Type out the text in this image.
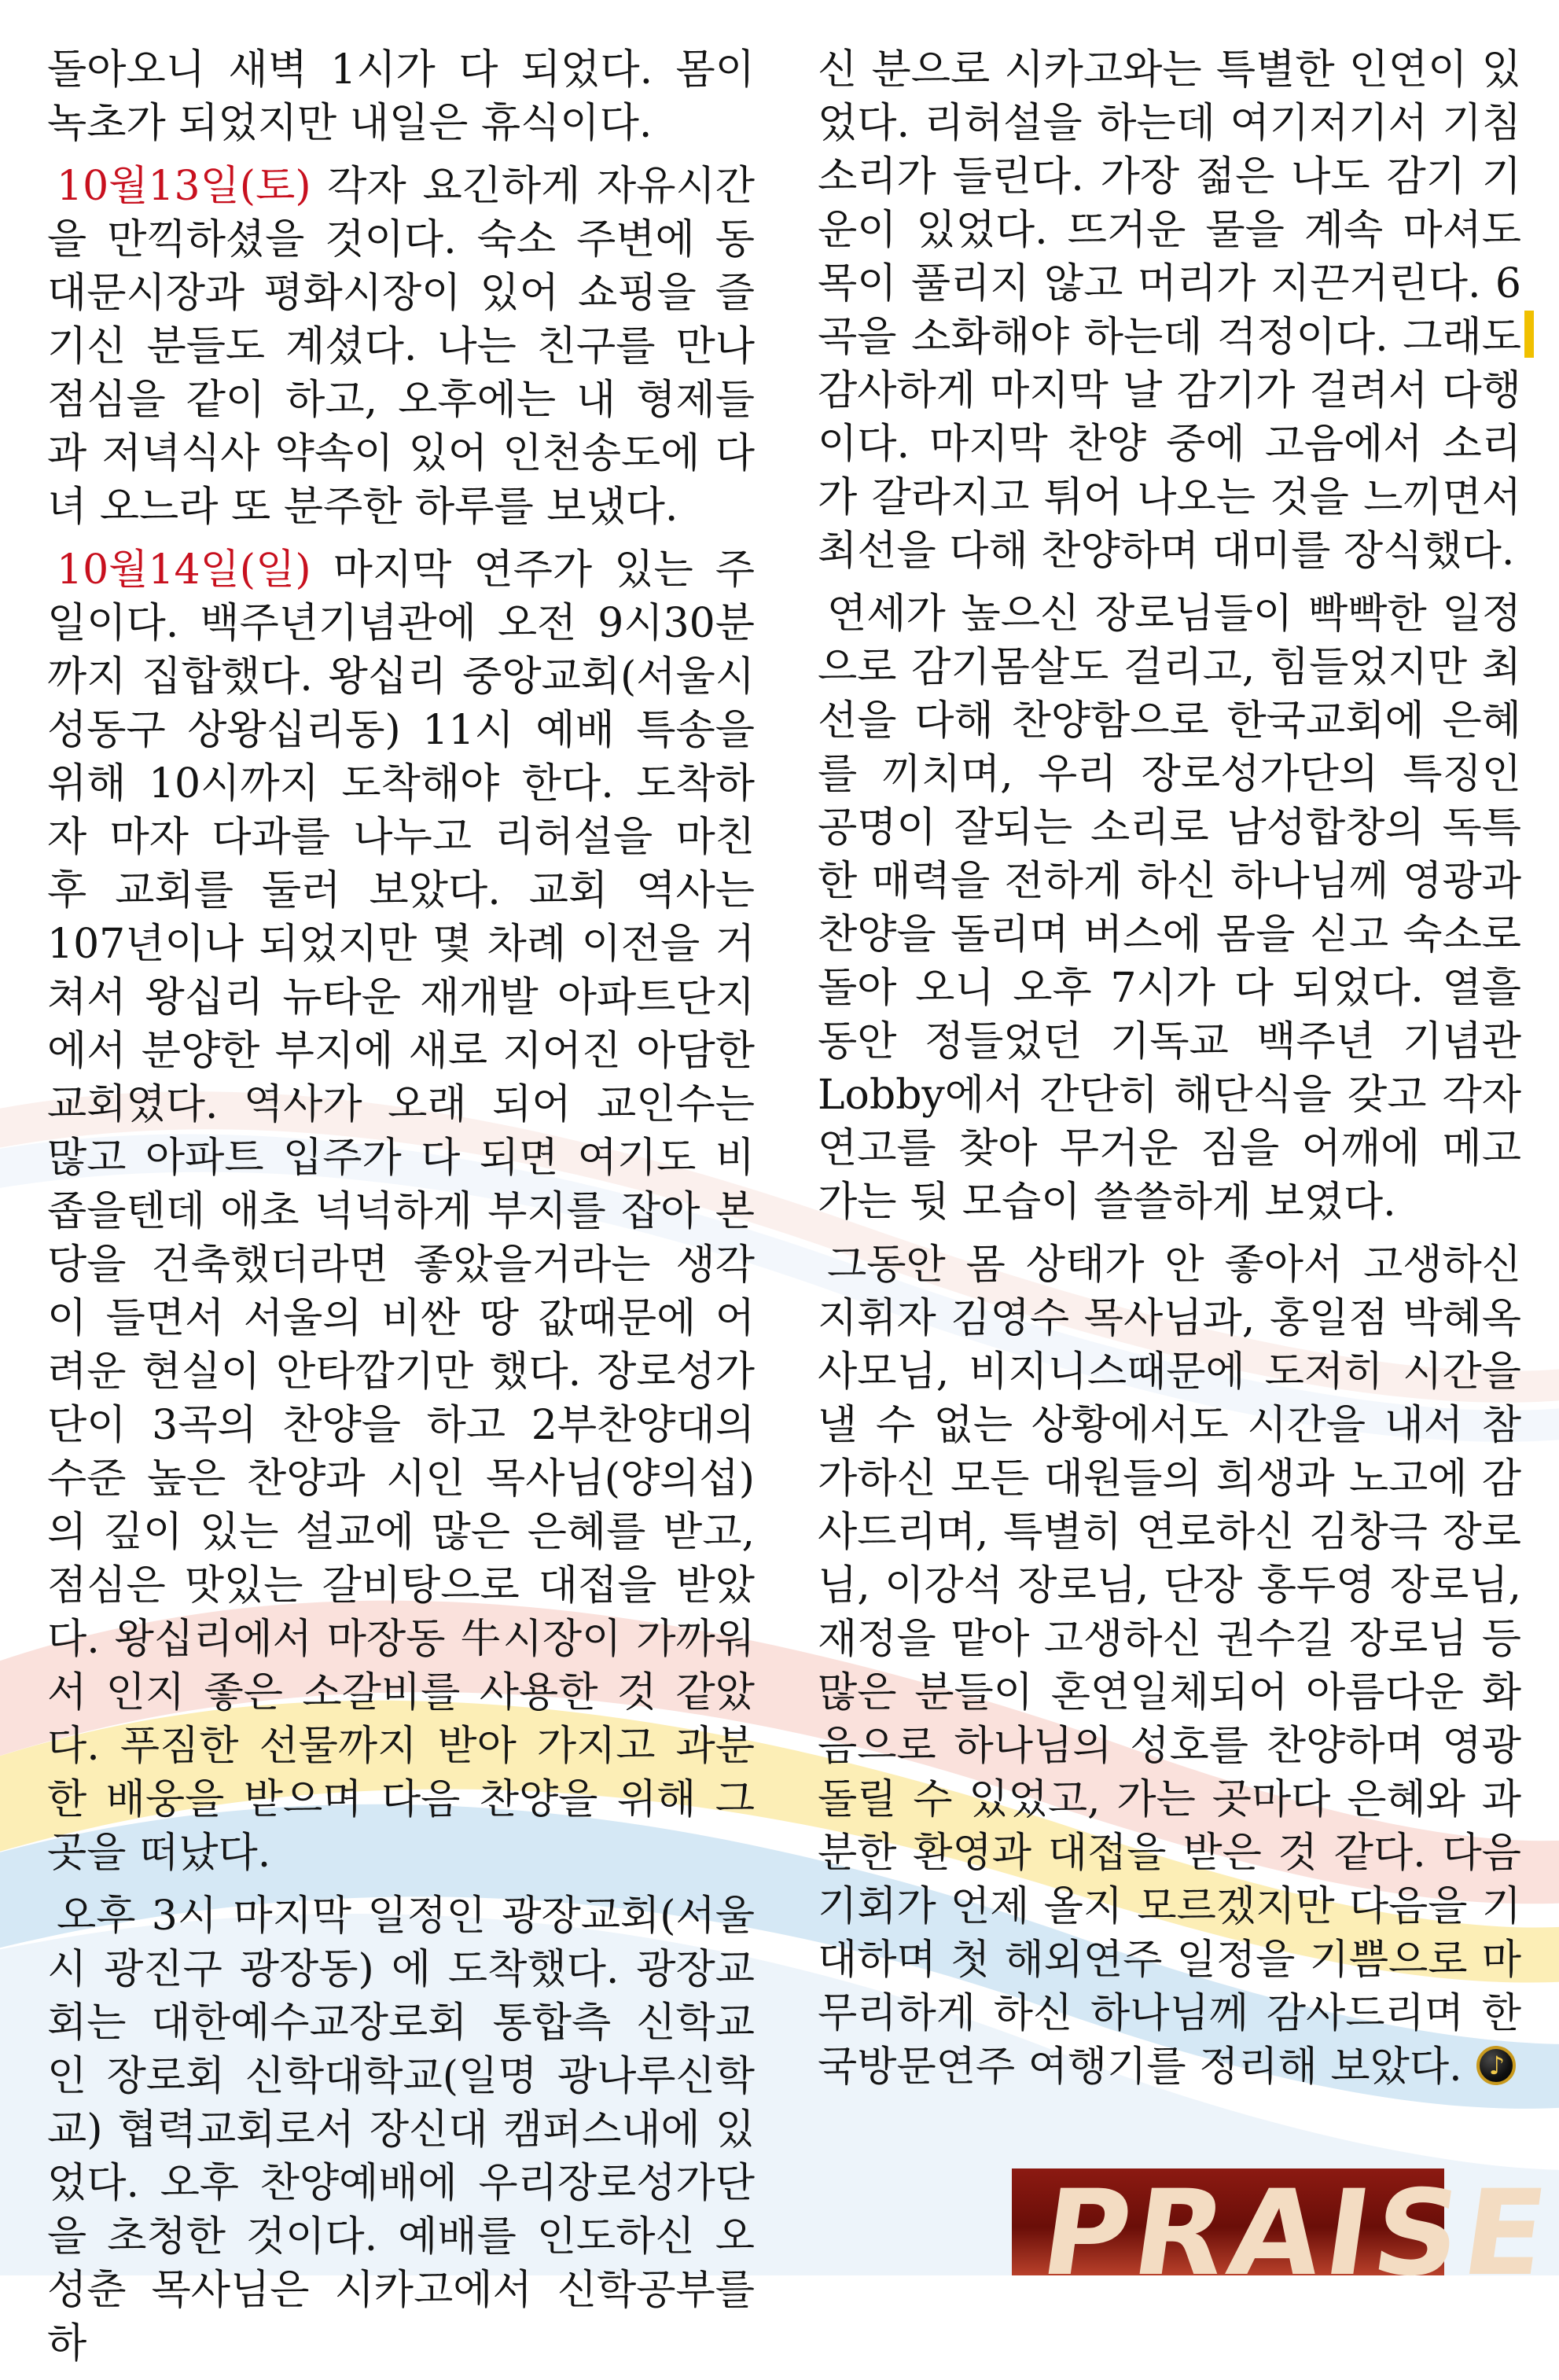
돌아오니 새벽 1시가 다 되었다. 몸이 녹초가 되었지만 내일은 휴식이다.

10월13일(토) 각자 요긴하게 자유시간을 만끽하셨을 것이다. 숙소 주변에 동대문시장과 평화시장이 있어 쇼핑을 즐기신 분들도 계셨다. 나는 친구를 만나 점심을 같이 하고, 오후에는 내 형제들과 저녁식사 약속이 있어 인천송도에 다녀 오느라 또 분주한 하루를 보냈다.

10월14일(일) 마지막 연주가 있는 주일이다. 백주년기념관에 오전 9시30분까지 집합했다. 왕십리 중앙교회(서울시 성동구 상왕십리동) 11시 예배 특송을 위해 10시까지 도착해야 한다. 도착하자 마자 다과를 나누고 리허설을 마친 후 교회를 둘러 보았다. 교회 역사는 107년이나 되었지만 몇 차례 이전을 거쳐서 왕십리 뉴타운 재개발 아파트단지에서 분양한 부지에 새로 지어진 아담한 교회였다. 역사가 오래 되어 교인수는 많고 아파트 입주가 다 되면 여기도 비좁을텐데 애초 넉넉하게 부지를 잡아 본당을 건축했더라면 좋았을거라는 생각이 들면서 서울의 비싼 땅 값때문에 어려운 현실이 안타깝기만 했다. 장로성가단이 3곡의 찬양을 하고 2부찬양대의 수준 높은 찬양과 시인 목사님(양의섭)의 깊이 있는 설교에 많은 은혜를 받고, 점심은 맛있는 갈비탕으로 대접을 받았다. 왕십리에서 마장동 牛시장이 가까워서 인지 좋은 소갈비를 사용한 것 같았다. 푸짐한 선물까지 받아 가지고 과분한 배웅을 받으며 다음 찬양을 위해 그곳을 떠났다.

오후 3시 마지막 일정인 광장교회(서울시 광진구 광장동) 에 도착했다. 광장교회는 대한예수교장로회 통합측 신학교인 장로회 신학대학교(일명 광나루신학교) 협력교회로서 장신대 캠퍼스내에 있었다. 오후 찬양예배에 우리장로성가단을 초청한 것이다. 예배를 인도하신 오성춘 목사님은 시카고에서 신학공부를 하

신 분으로 시카고와는 특별한 인연이 있었다. 리허설을 하는데 여기저기서 기침 소리가 들린다. 가장 젊은 나도 감기 기운이 있었다. 뜨거운 물을 계속 마셔도 목이 풀리지 않고 머리가 지끈거린다. 6곡을 소화해야 하는데 걱정이다. 그래도 감사하게 마지막 날 감기가 걸려서 다행이다. 마지막 찬양 중에 고음에서 소리가 갈라지고 튀어 나오는 것을 느끼면서 최선을 다해 찬양하며 대미를 장식했다.

연세가 높으신 장로님들이 빡빡한 일정으로 감기몸살도 걸리고, 힘들었지만 최선을 다해 찬양함으로 한국교회에 은혜를 끼치며, 우리 장로성가단의 특징인 공명이 잘되는 소리로 남성합창의 독특한 매력을 전하게 하신 하나님께 영광과 찬양을 돌리며 버스에 몸을 싣고 숙소로 돌아 오니 오후 7시가 다 되었다. 열흘 동안 정들었던 기독교 백주년 기념관 Lobby에서 간단히 해단식을 갖고 각자 연고를 찾아 무거운 짐을 어깨에 메고 가는 뒷 모습이 쓸쓸하게 보였다.

그동안 몸 상태가 안 좋아서 고생하신 지휘자 김영수 목사님과, 홍일점 박혜옥 사모님, 비지니스때문에 도저히 시간을 낼 수 없는 상황에서도 시간을 내서 참가하신 모든 대원들의 희생과 노고에 감사드리며, 특별히 연로하신 김창극 장로님, 이강석 장로님, 단장 홍두영 장로님, 재정을 맡아 고생하신 권수길 장로님 등 많은 분들이 혼연일체되어 아름다운 화음으로 하나님의 성호를 찬양하며 영광 돌릴 수 있었고, 가는 곳마다 은혜와 과분한 환영과 대접을 받은 것 같다. 다음 기회가 언제 올지 모르겠지만 다음을 기대하며 첫 해외연주 일정을 기쁨으로 마무리하게 하신 하나님께 감사드리며 한국방문연주 여행기를 정리해 보았다.♪

PRAISE
